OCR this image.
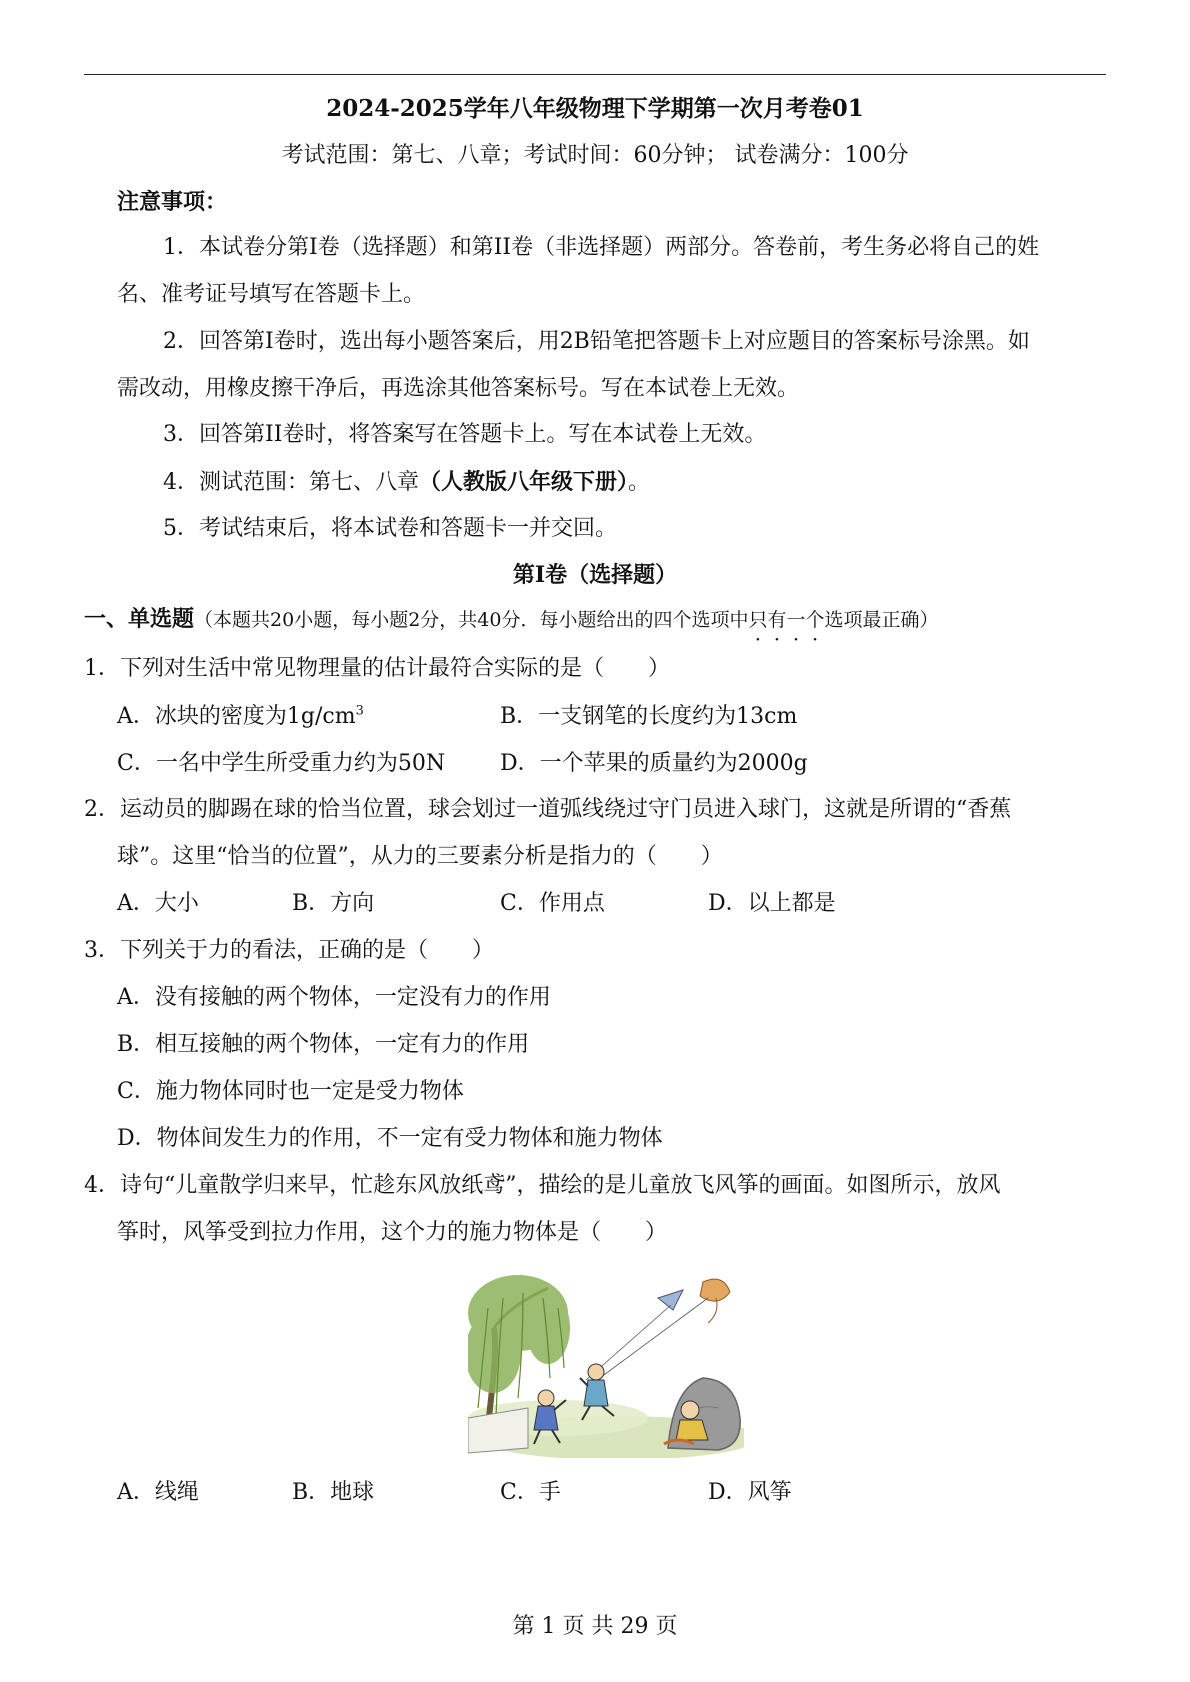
2024-2025学年八年级物理下学期第一次月考卷01
考试范围：第七、八章；考试时间：60分钟； 试卷满分：100分
注意事项：
1．本试卷分第I卷（选择题）和第II卷（非选择题）两部分。答卷前，考生务必将自己的姓
名、准考证号填写在答题卡上。
2．回答第I卷时，选出每小题答案后，用2B铅笔把答题卡上对应题目的答案标号涂黑。如
需改动，用橡皮擦干净后，再选涂其他答案标号。写在本试卷上无效。
3．回答第II卷时，将答案写在答题卡上。写在本试卷上无效。
4．测试范围：第七、八章（人教版八年级下册）。
5．考试结束后，将本试卷和答题卡一并交回。
第I卷（选择题）
一、单选题（本题共20小题，每小题2分，共40分．每小题给出的四个选项中只有一个选项最正确）
1．下列对生活中常见物理量的估计最符合实际的是（　　）
A．冰块的密度为$1g/cm^3$	B．一支钢笔的长度约为13cm
C．一名中学生所受重力约为50N D．一个苹果的质量约为2000g
2．运动员的脚踢在球的恰当位置，球会划过一道弧线绕过守门员进入球门，这就是所谓的“香蕉
球”。这里“恰当的位置”，从力的三要素分析是指力的（　　）
A．大小	B．方向	C．作用点	D．以上都是
3．下列关于力的看法，正确的是（　　）
A．没有接触的两个物体，一定没有力的作用
B．相互接触的两个物体，一定有力的作用
C．施力物体同时也一定是受力物体
D．物体间发生力的作用，不一定有受力物体和施力物体
4．诗句“儿童散学归来早，忙趁东风放纸鸢”，描绘的是儿童放飞风筝的画面。如图所示，放风
筝时，风筝受到拉力作用，这个力的施力物体是（　　）
A．线绳	B．地球	C．手	D．风筝
第 1 页 共 29 页
